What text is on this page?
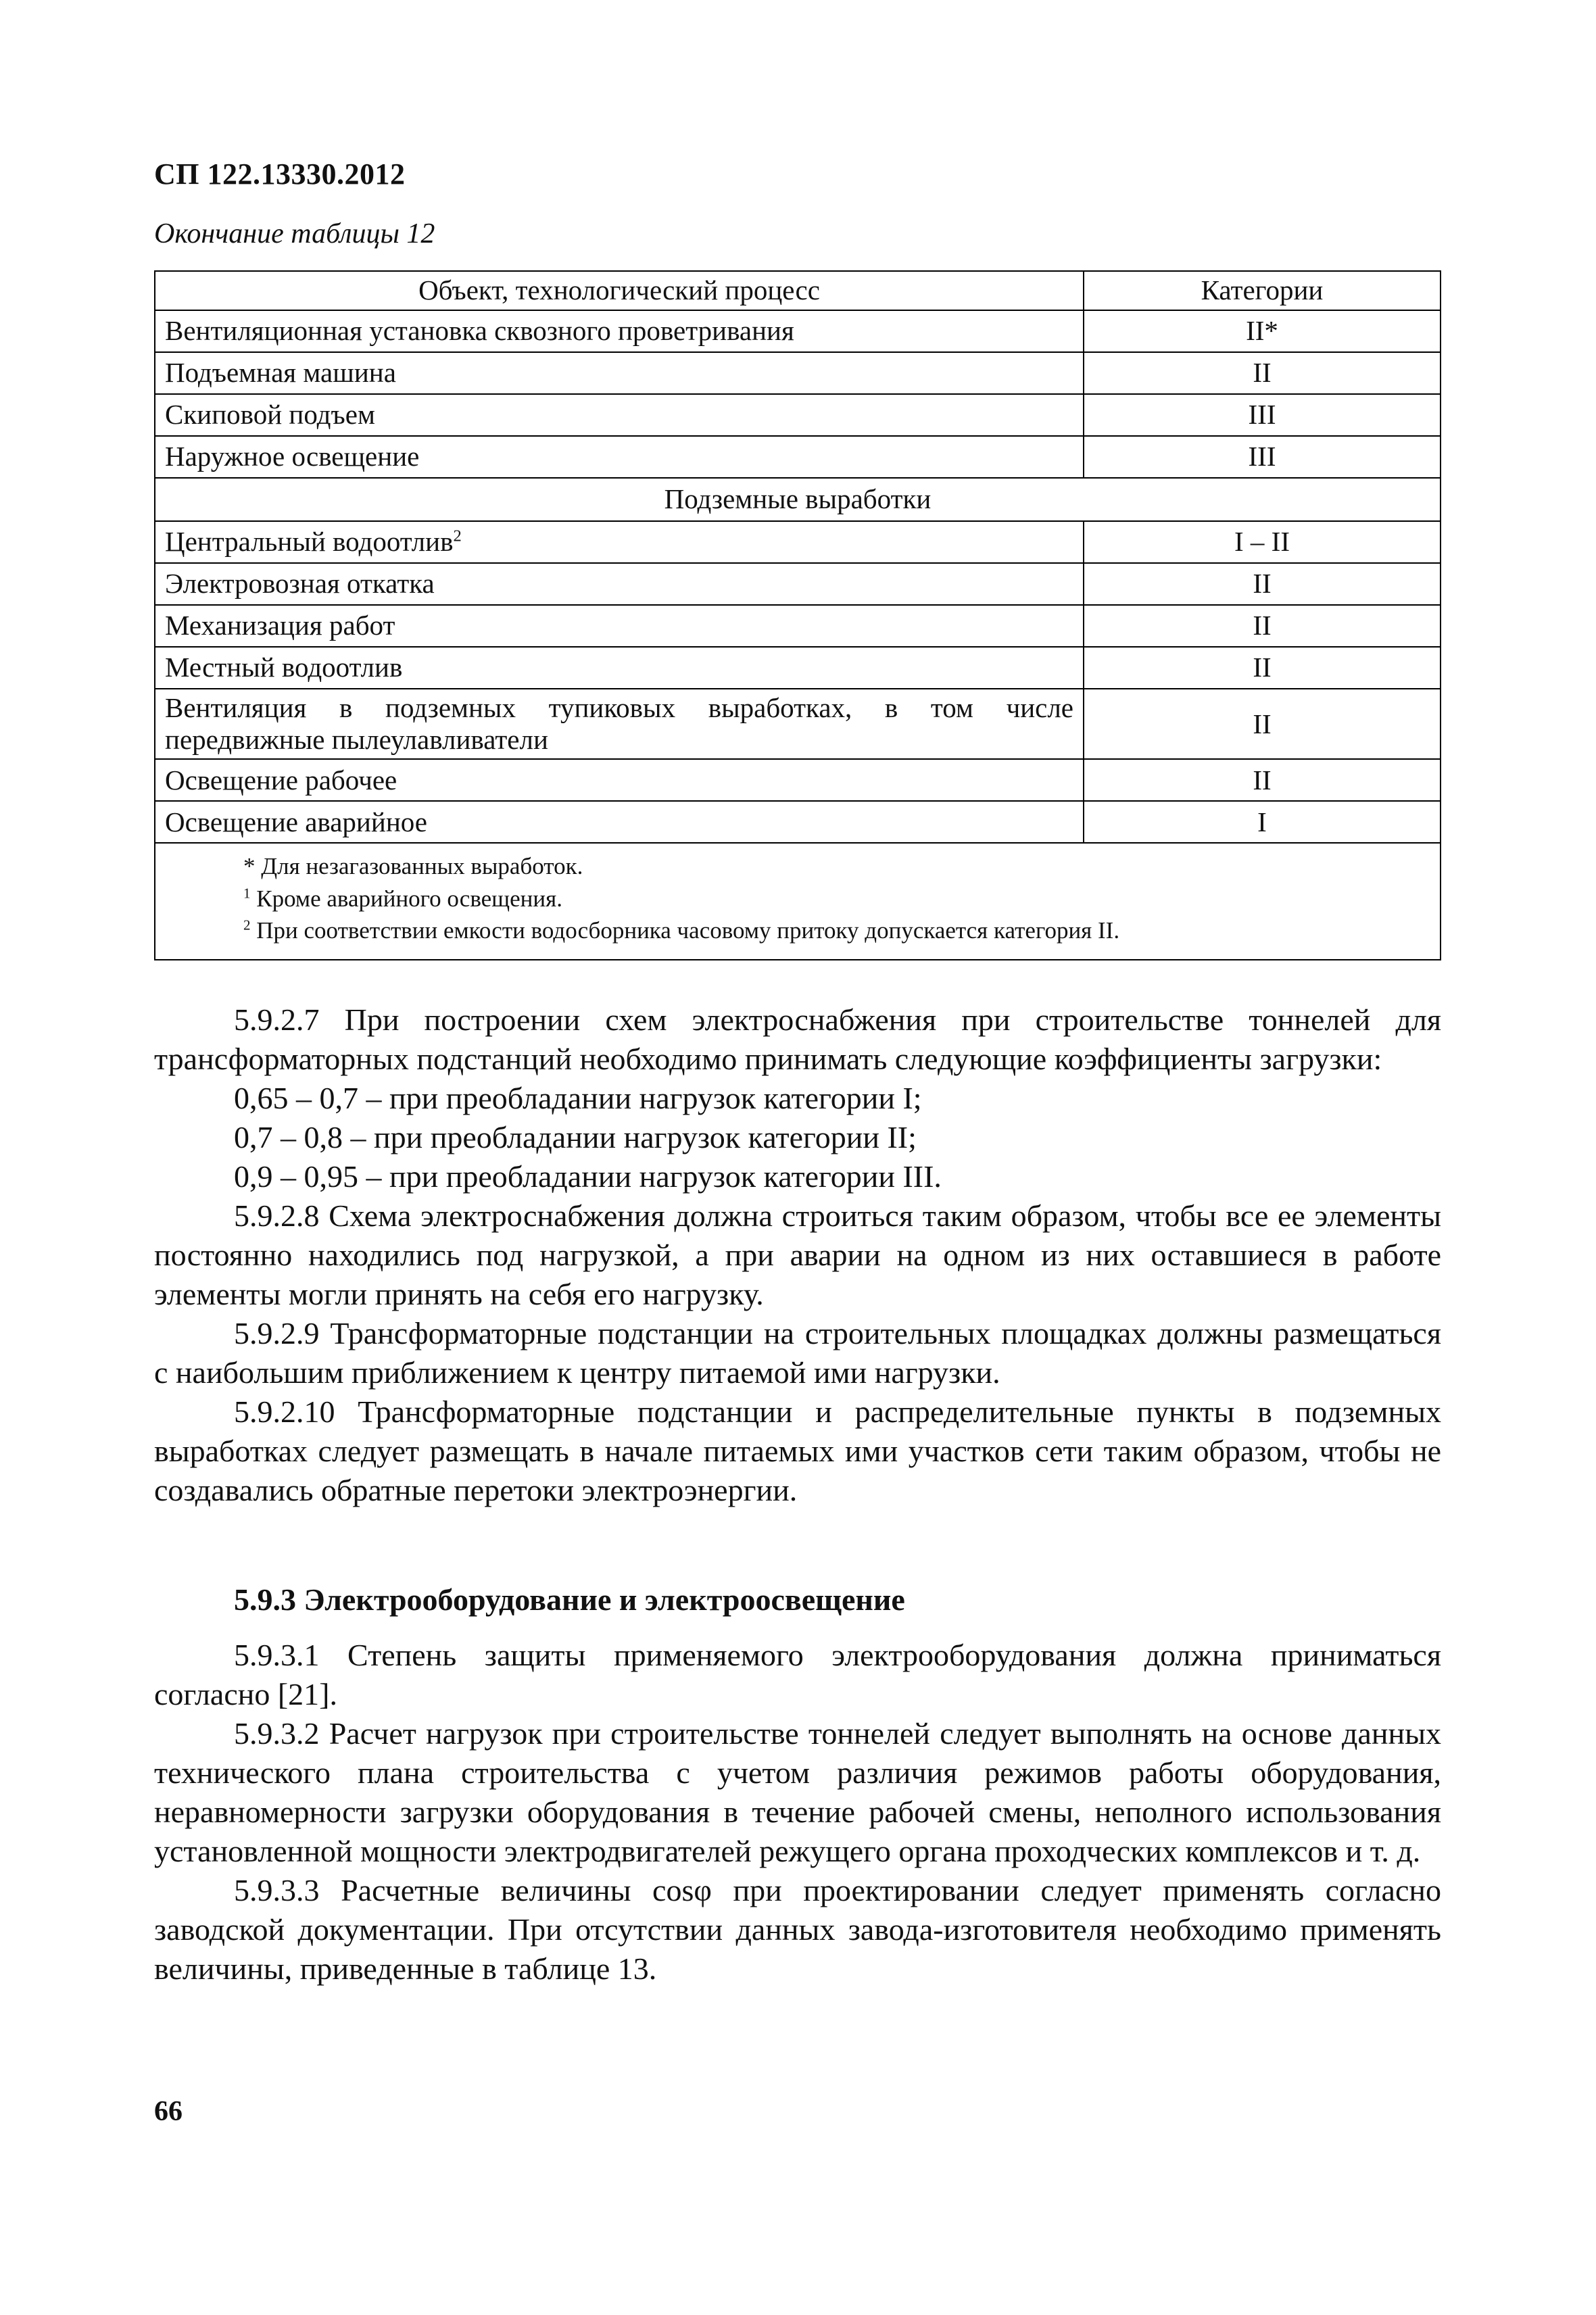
СП 122.13330.2012
Окончание таблицы 12
Объект, технологический процесс	Категории
Вентиляционная установка сквозного проветривания	II*
Подъемная машина	II
Скиповой подъем	III
Наружное освещение	III
Подземные выработки	
Центральный водоотлив$^2$	I – II
Электровозная откатка	II
Механизация работ	II
Местный водоотлив	II

Вентиляция в подземных тупиковых выработках, в том числе
передвижные пылеулавливатели	II
Освещение рабочее	II
Освещение аварийное	I

* Для незагазованных выработок.
$^1$ Кроме аварийного освещения.
$^2$ При соответствии емкости водосборника часовому притоку допускается категория II.	

5.9.2.7 При построении схем электроснабжения при строительстве тоннелей для трансформаторных подстанций необходимо принимать следующие коэффициенты загрузки:

0,65 – 0,7 – при преобладании нагрузок категории I;

0,7 – 0,8 – при преобладании нагрузок категории II;

0,9 – 0,95 – при преобладании нагрузок категории III.

5.9.2.8 Схема электроснабжения должна строиться таким образом, чтобы все ее элементы постоянно находились под нагрузкой, а при аварии на одном из них оставшиеся в работе элементы могли принять на себя его нагрузку.

5.9.2.9 Трансформаторные подстанции на строительных площадках должны размещаться с наибольшим приближением к центру питаемой ими нагрузки.

5.9.2.10 Трансформаторные подстанции и распределительные пункты в подземных выработках следует размещать в начале питаемых ими участков сети таким образом, чтобы не создавались обратные перетоки электроэнергии.

5.9.3 Электрооборудование и электроосвещение

5.9.3.1 Степень защиты применяемого электрооборудования должна приниматься согласно [21].

5.9.3.2 Расчет нагрузок при строительстве тоннелей следует выполнять на основе данных технического плана строительства с учетом различия режимов работы оборудования, неравномерности загрузки оборудования в течение рабочей смены, неполного использования установленной мощности электродвигателей режущего органа проходческих комплексов и т. д.

5.9.3.3 Расчетные величины cosφ при проектировании следует применять согласно заводской документации. При отсутствии данных завода-изготовителя необходимо применять величины, приведенные в таблице 13.

66
